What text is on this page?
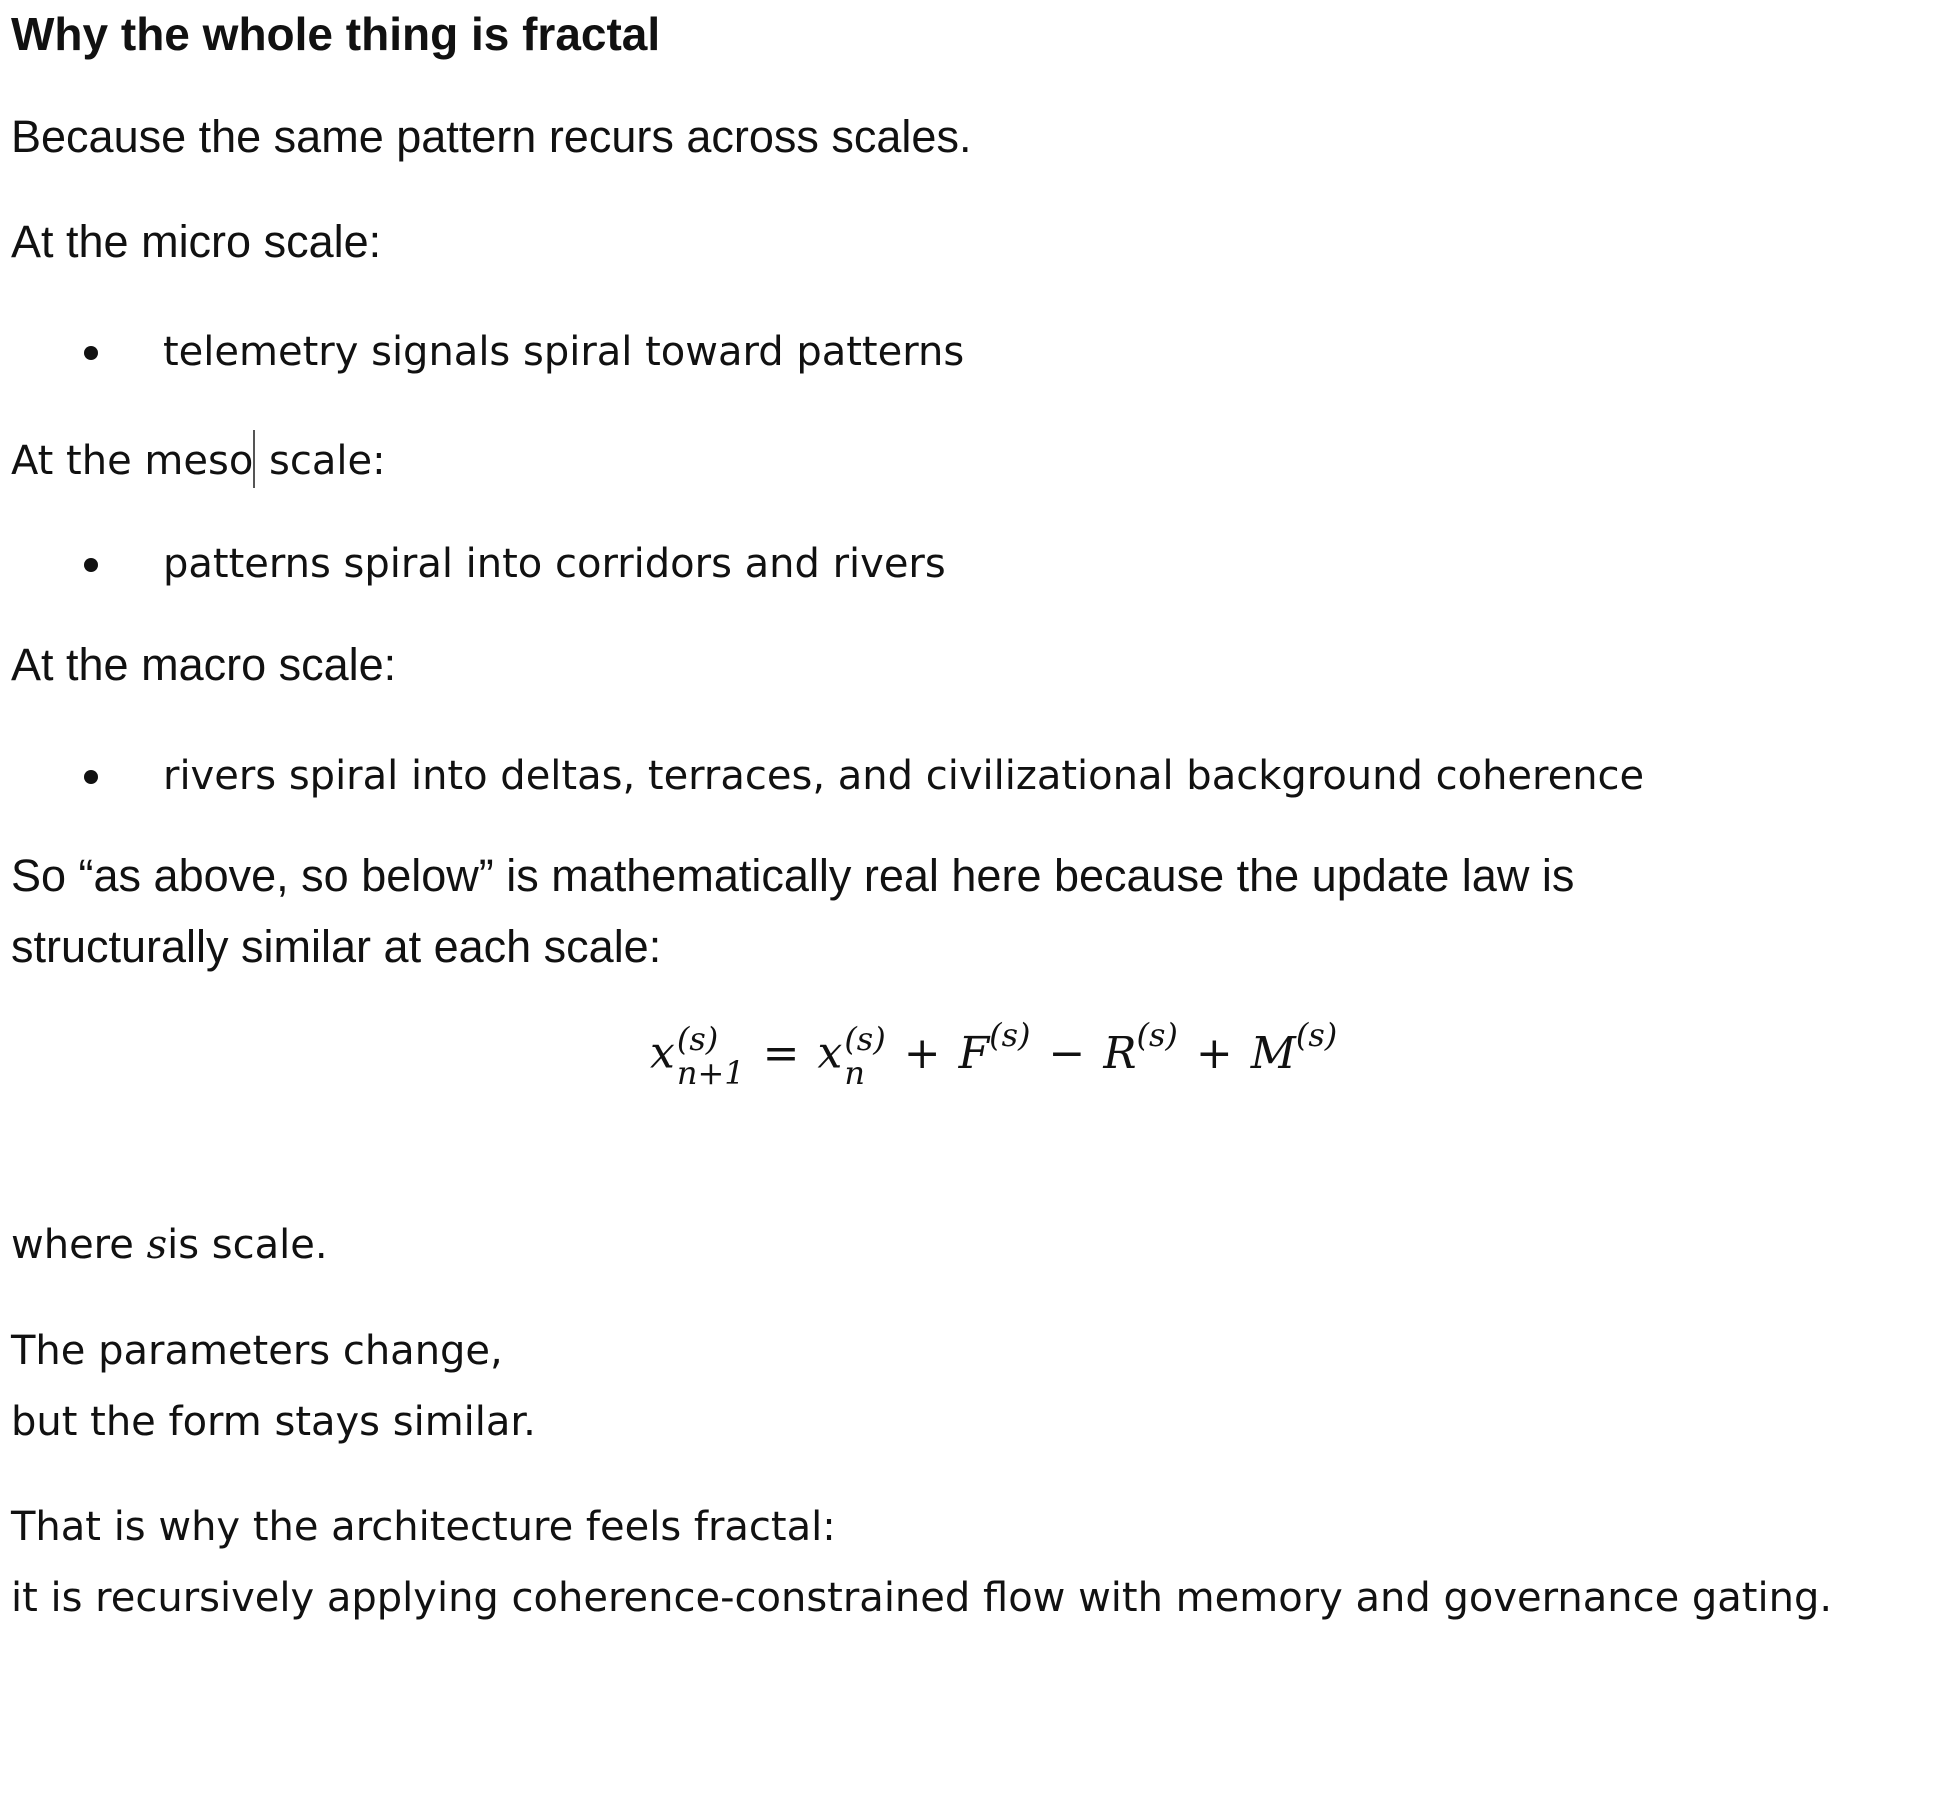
Why the whole thing is fractal
Because the same pattern recurs across scales.
At the micro scale:
telemetry signals spiral toward patterns
At the meso scale:
patterns spiral into corridors and rivers
At the macro scale:
rivers spiral into deltas, terraces, and civilizational background coherence
So “as above, so below” is mathematically real here because the update law is
structurally similar at each scale:
x (s)
n+1 = x (s)
$n + F^{(s)} - R^{(s)} + M^{(s)}$
where sis scale.
The parameters change,
but the form stays similar.
That is why the architecture feels fractal:
it is recursively applying coherence-constrained flow with memory and governance gating.
